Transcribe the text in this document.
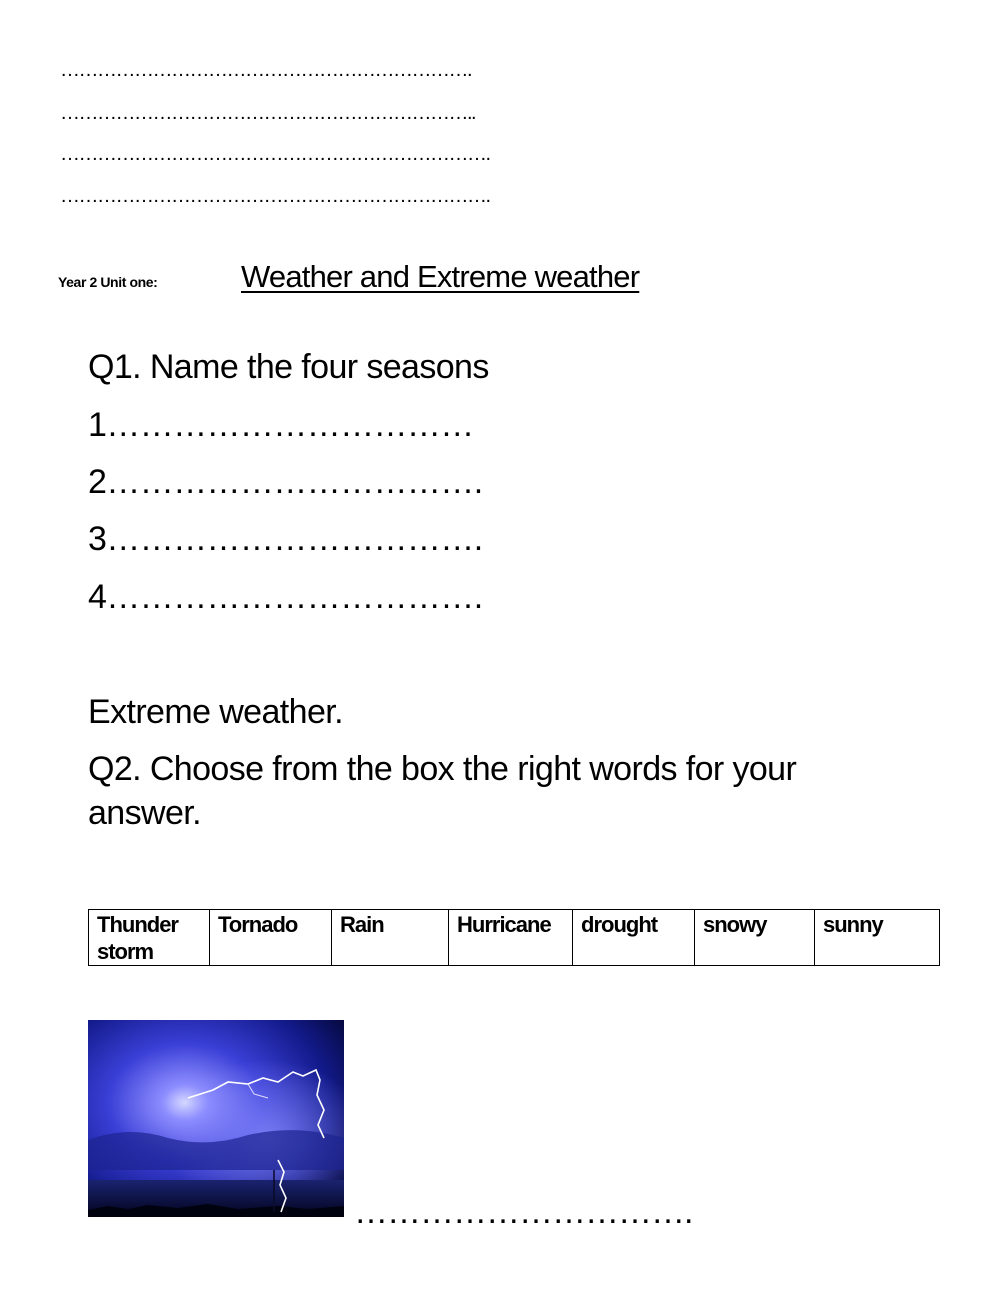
………………………………………………………….
…………………………………………………………..
…………………………………………………………….
…………………………………………………………….
Year 2 Unit one:	Weather and Extreme weather
Q1. Name the four seasons
1……………………………
2…………………………….
3…………………………….
4…………………………….
Extreme weather.
Q2. Choose from the box the right words for your answer.
Thunder storm	Tornado	Rain	Hurricane	drought	snowy	sunny
………………………….
